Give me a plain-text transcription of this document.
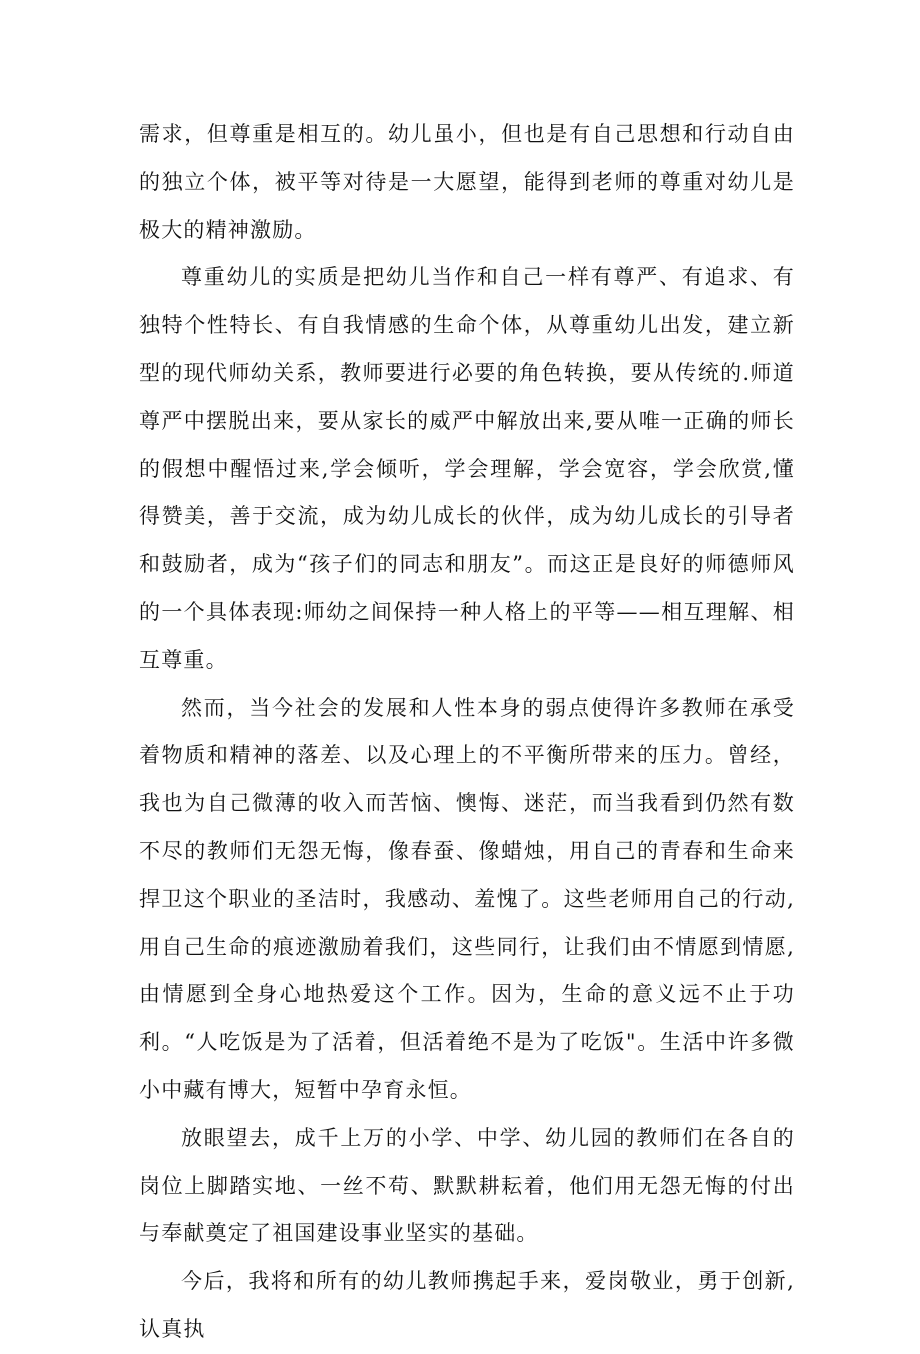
需求，但尊重是相互的。幼儿虽小，但也是有自己思想和行动自由的独立个体，被平等对待是一大愿望，能得到老师的尊重对幼儿是极大的精神激励。

尊重幼儿的实质是把幼儿当作和自己一样有尊严、有追求、有独特个性特长、有自我情感的生命个体，从尊重幼儿出发，建立新型的现代师幼关系，教师要进行必要的角色转换，要从传统的.师道尊严中摆脱出来，要从家长的威严中解放出来,要从唯一正确的师长的假想中醒悟过来,学会倾听，学会理解，学会宽容，学会欣赏,懂得赞美，善于交流，成为幼儿成长的伙伴，成为幼儿成长的引导者和鼓励者，成为“孩子们的同志和朋友”。而这正是良好的师德师风的一个具体表现:师幼之间保持一种人格上的平等——相互理解、相互尊重。

然而，当今社会的发展和人性本身的弱点使得许多教师在承受着物质和精神的落差、以及心理上的不平衡所带来的压力。曾经，我也为自己微薄的收入而苦恼、懊悔、迷茫，而当我看到仍然有数不尽的教师们无怨无悔，像春蚕、像蜡烛，用自己的青春和生命来捍卫这个职业的圣洁时，我感动、羞愧了。这些老师用自己的行动,用自己生命的痕迹激励着我们，这些同行，让我们由不情愿到情愿,由情愿到全身心地热爱这个工作。因为，生命的意义远不止于功利。“人吃饭是为了活着，但活着绝不是为了吃饭"。生活中许多微小中藏有博大，短暂中孕育永恒。

放眼望去，成千上万的小学、中学、幼儿园的教师们在各自的岗位上脚踏实地、一丝不苟、默默耕耘着，他们用无怨无悔的付出与奉献奠定了祖国建设事业坚实的基础。

今后，我将和所有的幼儿教师携起手来，爱岗敬业，勇于创新,认真执
